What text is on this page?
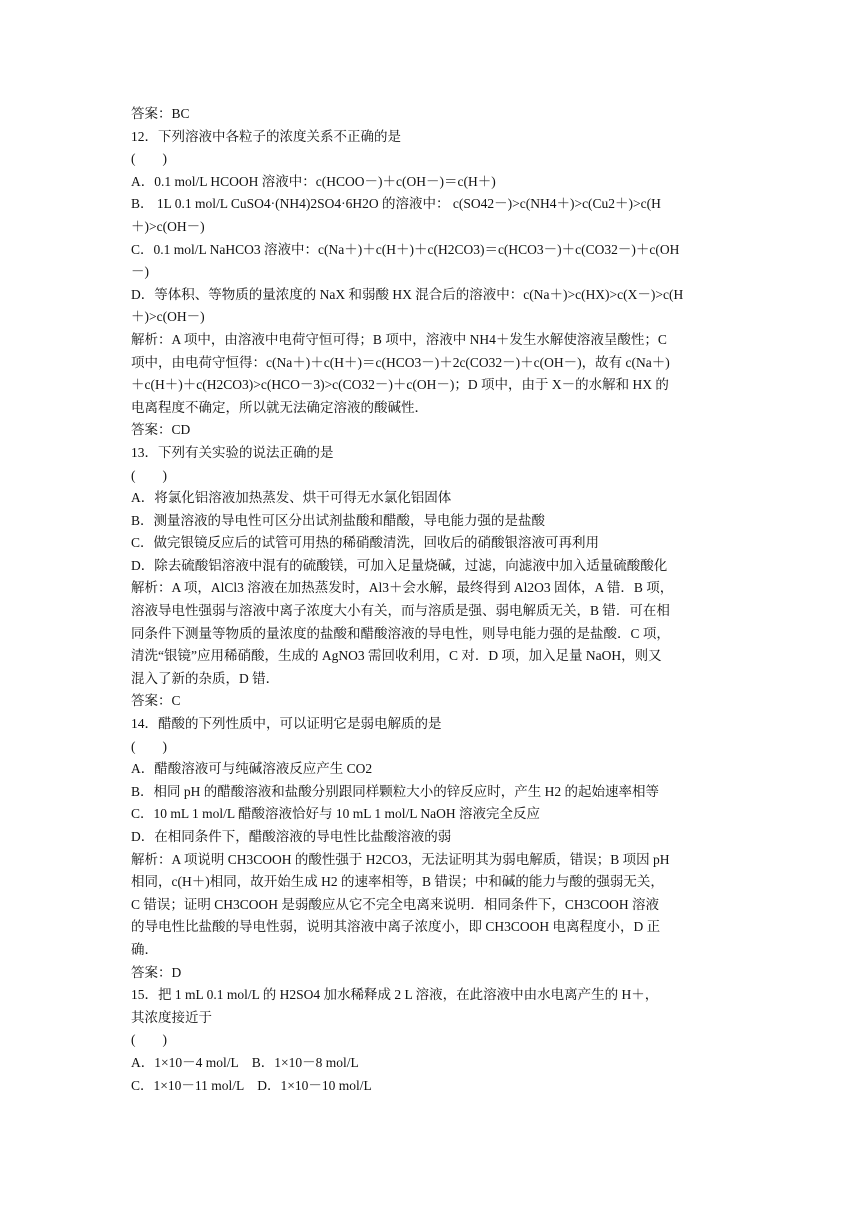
答案：BC
12．下列溶液中各粒子的浓度关系不正确的是
(　　)
A．0.1 mol/L HCOOH 溶液中：c(HCOO－)＋c(OH－)＝c(H＋)
B． 1L 0.1 mol/L CuSO4·(NH4)2SO4·6H2O 的溶液中： c(SO42－)>c(NH4＋)>c(Cu2＋)>c(H
＋)>c(OH－)
C．0.1 mol/L NaHCO3 溶液中：c(Na＋)＋c(H＋)＋c(H2CO3)＝c(HCO3－)＋c(CO32－)＋c(OH
－)
D．等体积、等物质的量浓度的 NaX 和弱酸 HX 混合后的溶液中：c(Na＋)>c(HX)>c(X－)>c(H
＋)>c(OH－)
解析：A 项中，由溶液中电荷守恒可得；B 项中，溶液中 NH4＋发生水解使溶液呈酸性；C
项中，由电荷守恒得：c(Na＋)＋c(H＋)＝c(HCO3－)＋2c(CO32－)＋c(OH－)，故有 c(Na＋)
＋c(H＋)＋c(H2CO3)>c(HCO－3)>c(CO32－)＋c(OH－)；D 项中，由于 X－的水解和 HX 的
电离程度不确定，所以就无法确定溶液的酸碱性．
答案：CD
13．下列有关实验的说法正确的是
(　　)
A．将氯化铝溶液加热蒸发、烘干可得无水氯化铝固体
B．测量溶液的导电性可区分出试剂盐酸和醋酸，导电能力强的是盐酸
C．做完银镜反应后的试管可用热的稀硝酸清洗，回收后的硝酸银溶液可再利用
D．除去硫酸铝溶液中混有的硫酸镁，可加入足量烧碱，过滤，向滤液中加入适量硫酸酸化
解析：A 项，AlCl3 溶液在加热蒸发时，Al3＋会水解，最终得到 Al2O3 固体，A 错．B 项，
溶液导电性强弱与溶液中离子浓度大小有关，而与溶质是强、弱电解质无关，B 错．可在相
同条件下测量等物质的量浓度的盐酸和醋酸溶液的导电性，则导电能力强的是盐酸．C 项，
清洗“银镜”应用稀硝酸，生成的 AgNO3 需回收利用，C 对．D 项，加入足量 NaOH，则又
混入了新的杂质，D 错．
答案：C
14．醋酸的下列性质中，可以证明它是弱电解质的是
(　　)
A．醋酸溶液可与纯碱溶液反应产生 CO2
B．相同 pH 的醋酸溶液和盐酸分别跟同样颗粒大小的锌反应时，产生 H2 的起始速率相等
C．10 mL 1 mol/L 醋酸溶液恰好与 10 mL 1 mol/L NaOH 溶液完全反应
D．在相同条件下，醋酸溶液的导电性比盐酸溶液的弱
解析：A 项说明 CH3COOH 的酸性强于 H2CO3，无法证明其为弱电解质，错误；B 项因 pH
相同，c(H＋)相同，故开始生成 H2 的速率相等，B 错误；中和碱的能力与酸的强弱无关，
C 错误；证明 CH3COOH 是弱酸应从它不完全电离来说明．相同条件下，CH3COOH 溶液
的导电性比盐酸的导电性弱，说明其溶液中离子浓度小，即 CH3COOH 电离程度小，D 正
确．
答案：D
15．把 1 mL 0.1 mol/L 的 H2SO4 加水稀释成 2 L 溶液，在此溶液中由水电离产生的 H＋，
其浓度接近于
(　　)
A．1×10－4 mol/L　B．1×10－8 mol/L
C．1×10－11 mol/L　D．1×10－10 mol/L
